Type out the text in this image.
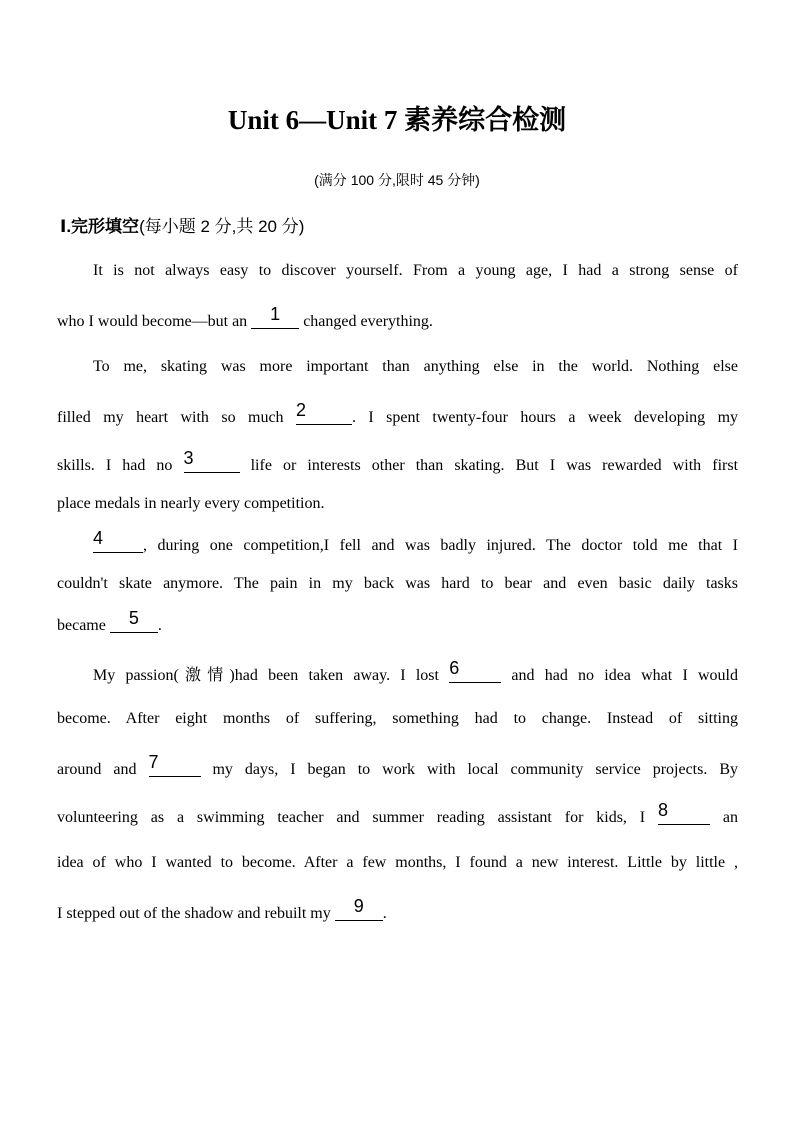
Unit 6—Unit 7 素养综合检测
(满分 100 分,限时 45 分钟)
Ⅰ.完形填空(每小题 2 分,共 20 分)
It is not always easy to discover yourself. From a young age, I had a strong sense of
who I would become—but an	1	changed everything.
To me, skating was more important than anything else in the world. Nothing else
filled my heart with so much 2	. I spent twenty-four hours a week developing my
skills. I had no 3	life or interests other than skating. But I was rewarded with first
place medals in nearly every competition.
4	, during one competition,I fell and was badly injured. The doctor told me that I
couldn't skate anymore. The pain in my back was hard to bear and even basic daily tasks
became	5	.
My passion(激情)had been taken away. I lost 6	and had no idea what I would
become. After eight months of suffering, something had to change. Instead of sitting
around and 7	my days, I began to work with local community service projects. By
volunteering as a swimming teacher and summer reading assistant for kids, I 8	an
idea of who I wanted to become. After a few months, I found a new interest. Little by little ,
I stepped out of the shadow and rebuilt my	9	.
